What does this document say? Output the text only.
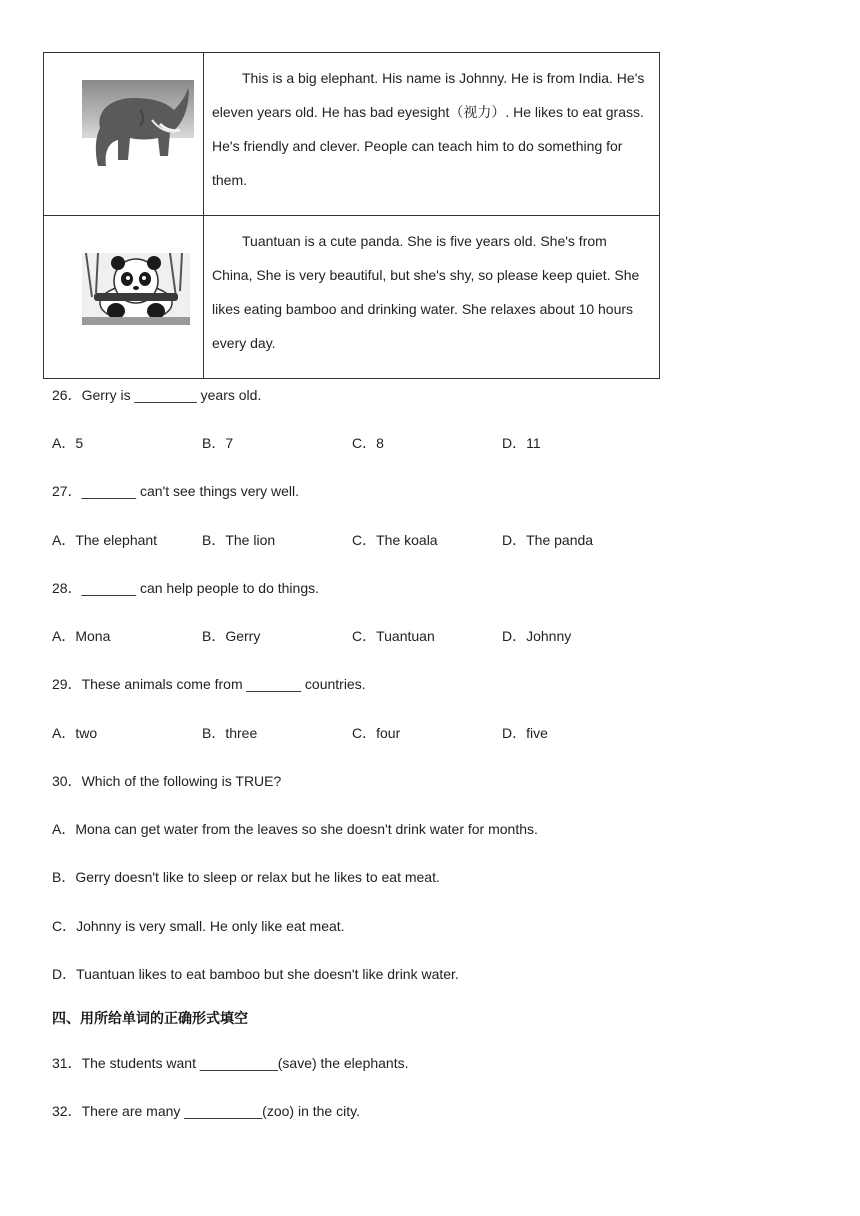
This is a big elephant. His name is Johnny. He is from India. He's eleven years old. He has bad eyesight（视力）. He likes to eat grass. He's friendly and clever. People can teach him to do something for them.

Tuantuan is a cute panda. She is five years old. She's from China, She is very beautiful, but she's shy, so please keep quiet. She likes eating bamboo and drinking water. She relaxes about 10 hours every day.

26．Gerry is ________ years old.
A．5	B．7	C．8	D．11
27．_______ can't see things very well.
A．The elephant	B．The lion	C．The koala	D．The panda
28．_______ can help people to do things.
A．Mona	B．Gerry	C．Tuantuan	D．Johnny
29．These animals come from _______ countries.
A．two	B．three	C．four	D．five
30．Which of the following is TRUE?
A．Mona can get water from the leaves so she doesn't drink water for months.
B．Gerry doesn't like to sleep or relax but he likes to eat meat.
C．Johnny is very small. He only like eat meat.
D．Tuantuan likes to eat bamboo but she doesn't like drink water.
四、用所给单词的正确形式填空
31．The students want __________(save) the elephants.
32．There are many __________(zoo) in the city.
